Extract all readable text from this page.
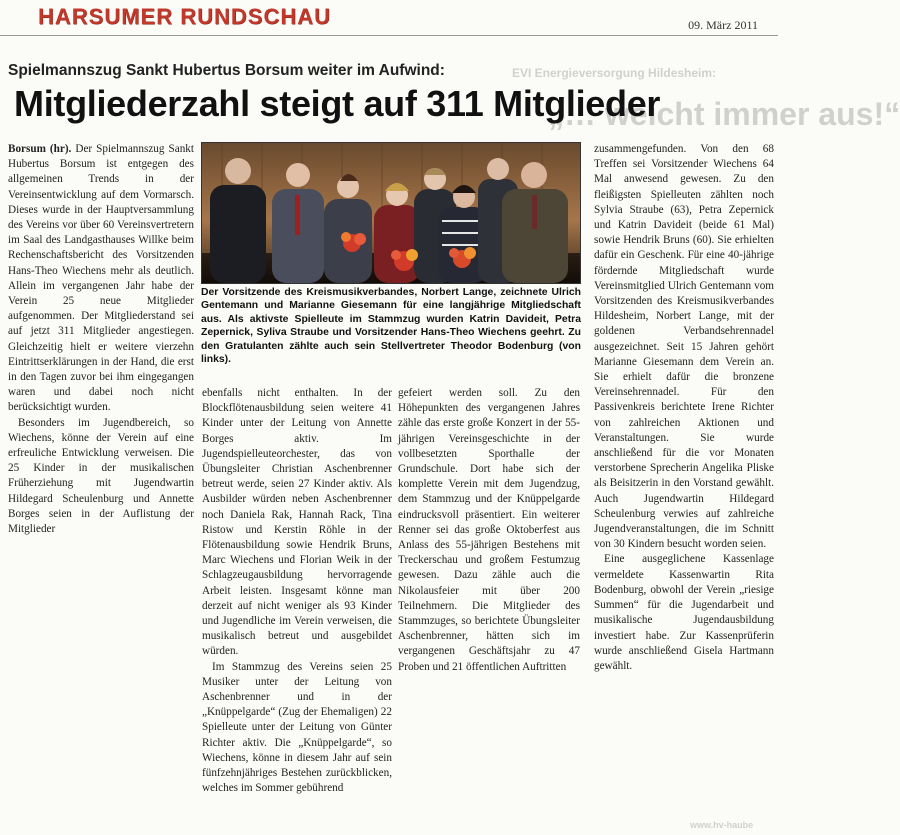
HARSUMER RUNDSCHAU	09. März 2011

EVI Energieversorgung Hildesheim:

„… weicht immer aus!“

Spielmannszug Sankt Hubertus Borsum weiter im Aufwind:
Mitgliederzahl steigt auf 311 Mitglieder

Borsum (hr). Der Spielmannszug Sankt Hubertus Borsum ist entgegen des allgemeinen Trends in der Vereinsentwicklung auf dem Vormarsch. Dieses wurde in der Hauptversammlung des Vereins vor über 60 Vereinsvertretern im Saal des Landgasthauses Willke beim Rechenschaftsbericht des Vorsitzenden Hans-Theo Wiechens mehr als deutlich. Allein im vergangenen Jahr habe der Verein 25 neue Mitglieder aufgenommen. Der Mitgliederstand sei auf jetzt 311 Mitglieder angestiegen. Gleichzeitig hielt er weitere vierzehn Eintrittserklärungen in der Hand, die erst in den Tagen zuvor bei ihm eingegangen waren und dabei noch nicht berücksichtigt wurden.

Besonders im Jugendbereich, so Wiechens, könne der Verein auf eine erfreuliche Entwicklung verweisen. Die 25 Kinder in der musikalischen Früherziehung mit Jugendwartin Hildegard Scheulenburg und Annette Borges seien in der Auflistung der Mitglieder

Der Vorsitzende des Kreismusikverbandes, Norbert Lange, zeichnete Ulrich Gentemann und Marianne Giesemann für eine langjährige Mitgliedschaft aus. Als aktivste Spielleute im Stammzug wurden Katrin Davideit, Petra Zepernick, Syliva Straube und Vorsitzender Hans-Theo Wiechens geehrt. Zu den Gratulanten zählte auch sein Stellvertreter Theodor Bodenburg (von links).

ebenfalls nicht enthalten. In der Blockflötenausbildung seien weitere 41 Kinder unter der Leitung von Annette Borges aktiv. Im Jugendspielleuteorchester, das von Übungsleiter Christian Aschenbrenner betreut werde, seien 27 Kinder aktiv. Als Ausbilder würden neben Aschenbrenner noch Daniela Rak, Hannah Rack, Tina Ristow und Kerstin Röhle in der Flötenausbildung sowie Hendrik Bruns, Marc Wiechens und Florian Weik in der Schlagzeugausbildung hervorragende Arbeit leisten. Insgesamt könne man derzeit auf nicht weniger als 93 Kinder und Jugendliche im Verein verweisen, die musikalisch betreut und ausgebildet würden.

Im Stammzug des Vereins seien 25 Musiker unter der Leitung von Aschenbrenner und in der „Knüppelgarde“ (Zug der Ehemaligen) 22 Spielleute unter der Leitung von Günter Richter aktiv. Die „Knüppelgarde“, so Wiechens, könne in diesem Jahr auf sein fünfzehnjähriges Bestehen zurückblicken, welches im Sommer gebührend

gefeiert werden soll. Zu den Höhepunkten des vergangenen Jahres zähle das erste große Konzert in der 55-jährigen Vereinsgeschichte in der vollbesetzten Sporthalle der Grundschule. Dort habe sich der komplette Verein mit dem Jugendzug, dem Stammzug und der Knüppelgarde eindrucksvoll präsentiert. Ein weiterer Renner sei das große Oktoberfest aus Anlass des 55-jährigen Bestehens mit Treckerschau und großem Festumzug gewesen. Dazu zähle auch die Nikolausfeier mit über 200 Teilnehmern. Die Mitglieder des Stammzuges, so berichtete Übungsleiter Aschenbrenner, hätten sich im vergangenen Geschäftsjahr zu 47 Proben und 21 öffentlichen Auftritten

zusammengefunden. Von den 68 Treffen sei Vorsitzender Wiechens 64 Mal anwesend gewesen. Zu den fleißigsten Spielleuten zählten noch Sylvia Straube (63), Petra Zepernick und Katrin Davideit (beide 61 Mal) sowie Hendrik Bruns (60). Sie erhielten dafür ein Geschenk. Für eine 40-jährige fördernde Mitgliedschaft wurde Vereinsmitglied Ulrich Gentemann vom Vorsitzenden des Kreismusikverbandes Hildesheim, Norbert Lange, mit der goldenen Verbandsehrennadel ausgezeichnet. Seit 15 Jahren gehört Marianne Giesemann dem Verein an. Sie erhielt dafür die bronzene Vereinsehrennadel. Für den Passivenkreis berichtete Irene Richter von zahlreichen Aktionen und Veranstaltungen. Sie wurde anschließend für die vor Monaten verstorbene Sprecherin Angelika Pliske als Beisitzerin in den Vorstand gewählt. Auch Jugendwartin Hildegard Scheulenburg verwies auf zahlreiche Jugendveranstaltungen, die im Schnitt von 30 Kindern besucht worden seien.

Eine ausgeglichene Kassenlage vermeldete Kassenwartin Rita Bodenburg, obwohl der Verein „riesige Summen“ für die Jugendarbeit und musikalische Jugendausbildung investiert habe. Zur Kassenprüferin wurde anschließend Gisela Hartmann gewählt.

www.hv-haube
